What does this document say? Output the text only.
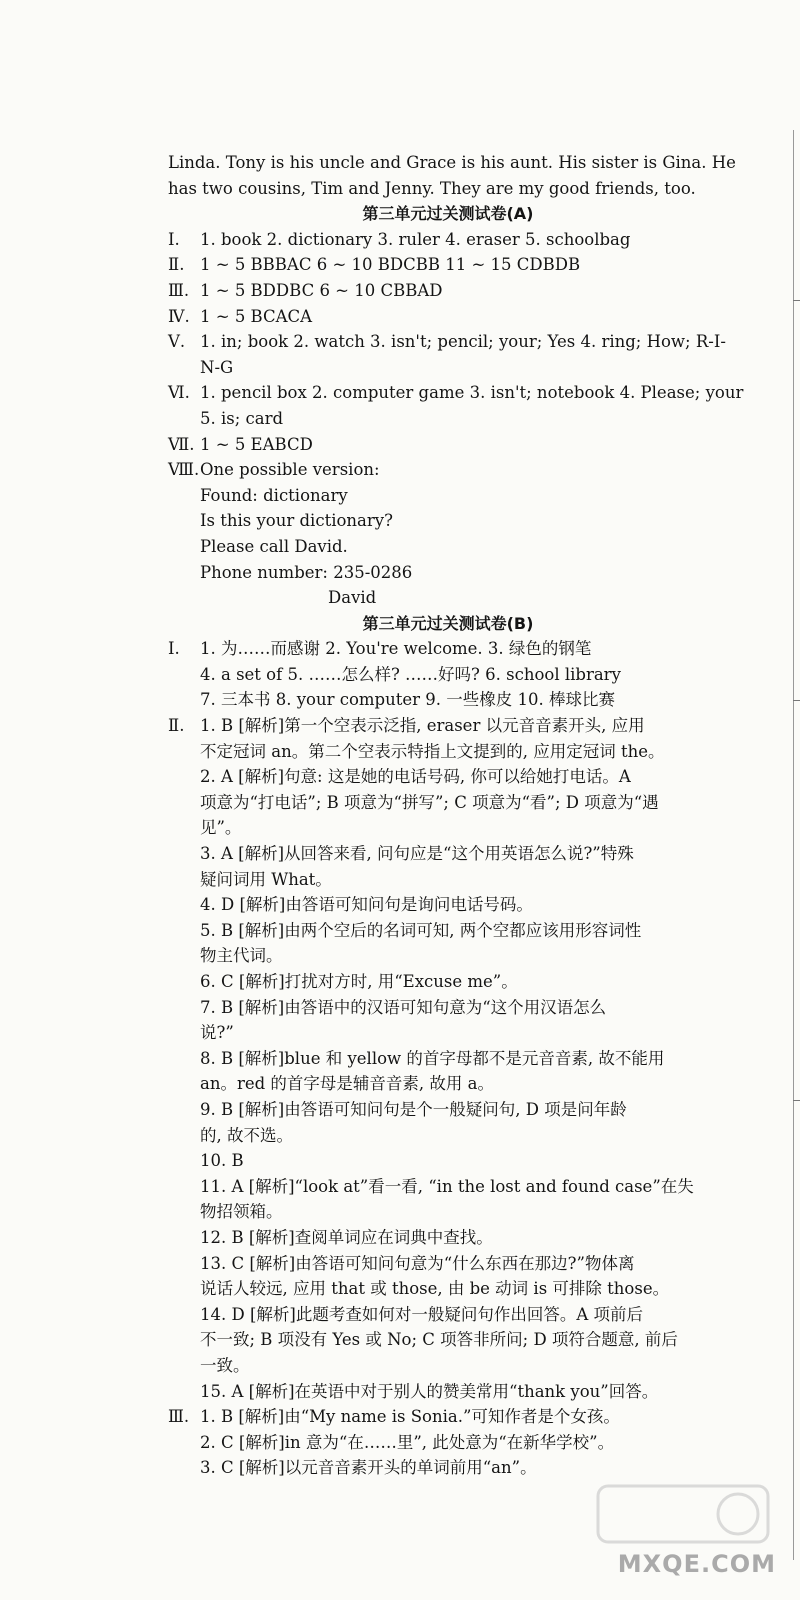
Linda. Tony is his uncle and Grace is his aunt. His sister is Gina. He
has two cousins, Tim and Jenny. They are my good friends, too.
第三单元过关测试卷(A)
Ⅰ.	1. book 2. dictionary 3. ruler 4. eraser 5. schoolbag
Ⅱ. 1 ~ 5 BBBAC 6 ~ 10 BDCBB 11 ~ 15 CDBDB
Ⅲ. 1 ~ 5 BDDBC 6 ~ 10 CBBAD
Ⅳ. 1 ~ 5 BCACA
Ⅴ. 1. in; book 2. watch 3. isn't; pencil; your; Yes 4. ring; How; R-I-
N-G
Ⅵ. 1. pencil box 2. computer game 3. isn't; notebook 4. Please; your
5. is; card
Ⅶ. 1 ~ 5 EABCD
Ⅷ. One possible version:
Found: dictionary
Is this your dictionary?
Please call David.
Phone number: 235-0286
David
第三单元过关测试卷(B)
Ⅰ.	1. 为……而感谢 2. You're welcome. 3. 绿色的钢笔
4. a set of 5. ……怎么样? ……好吗? 6. school library
7. 三本书 8. your computer 9. 一些橡皮 10. 棒球比赛
Ⅱ. 1. B [解析]第一个空表示泛指, eraser 以元音音素开头, 应用
不定冠词 an。第二个空表示特指上文提到的, 应用定冠词 the。
2. A [解析]句意: 这是她的电话号码, 你可以给她打电话。A
项意为“打电话”; B 项意为“拼写”; C 项意为“看”; D 项意为“遇
见”。
3. A [解析]从回答来看, 问句应是“这个用英语怎么说?”特殊
疑问词用 What。
4. D [解析]由答语可知问句是询问电话号码。
5. B [解析]由两个空后的名词可知, 两个空都应该用形容词性
物主代词。
6. C [解析]打扰对方时, 用“Excuse me”。
7. B [解析]由答语中的汉语可知句意为“这个用汉语怎么
说?”
8. B [解析]blue 和 yellow 的首字母都不是元音音素, 故不能用
an。red 的首字母是辅音音素, 故用 a。
9. B [解析]由答语可知问句是个一般疑问句, D 项是问年龄
的, 故不选。
10. B
11. A [解析]“look at”看一看, “in the lost and found case”在失
物招领箱。
12. B [解析]查阅单词应在词典中查找。
13. C [解析]由答语可知问句意为“什么东西在那边?”物体离
说话人较远, 应用 that 或 those, 由 be 动词 is 可排除 those。
14. D [解析]此题考查如何对一般疑问句作出回答。A 项前后
不一致; B 项没有 Yes 或 No; C 项答非所问; D 项符合题意, 前后
一致。
15. A [解析]在英语中对于别人的赞美常用“thank you”回答。
Ⅲ. 1. B [解析]由“My name is Sonia.”可知作者是个女孩。
2. C [解析]in 意为“在……里”, 此处意为“在新华学校”。
3. C [解析]以元音音素开头的单词前用“an”。
MXQE.COM
